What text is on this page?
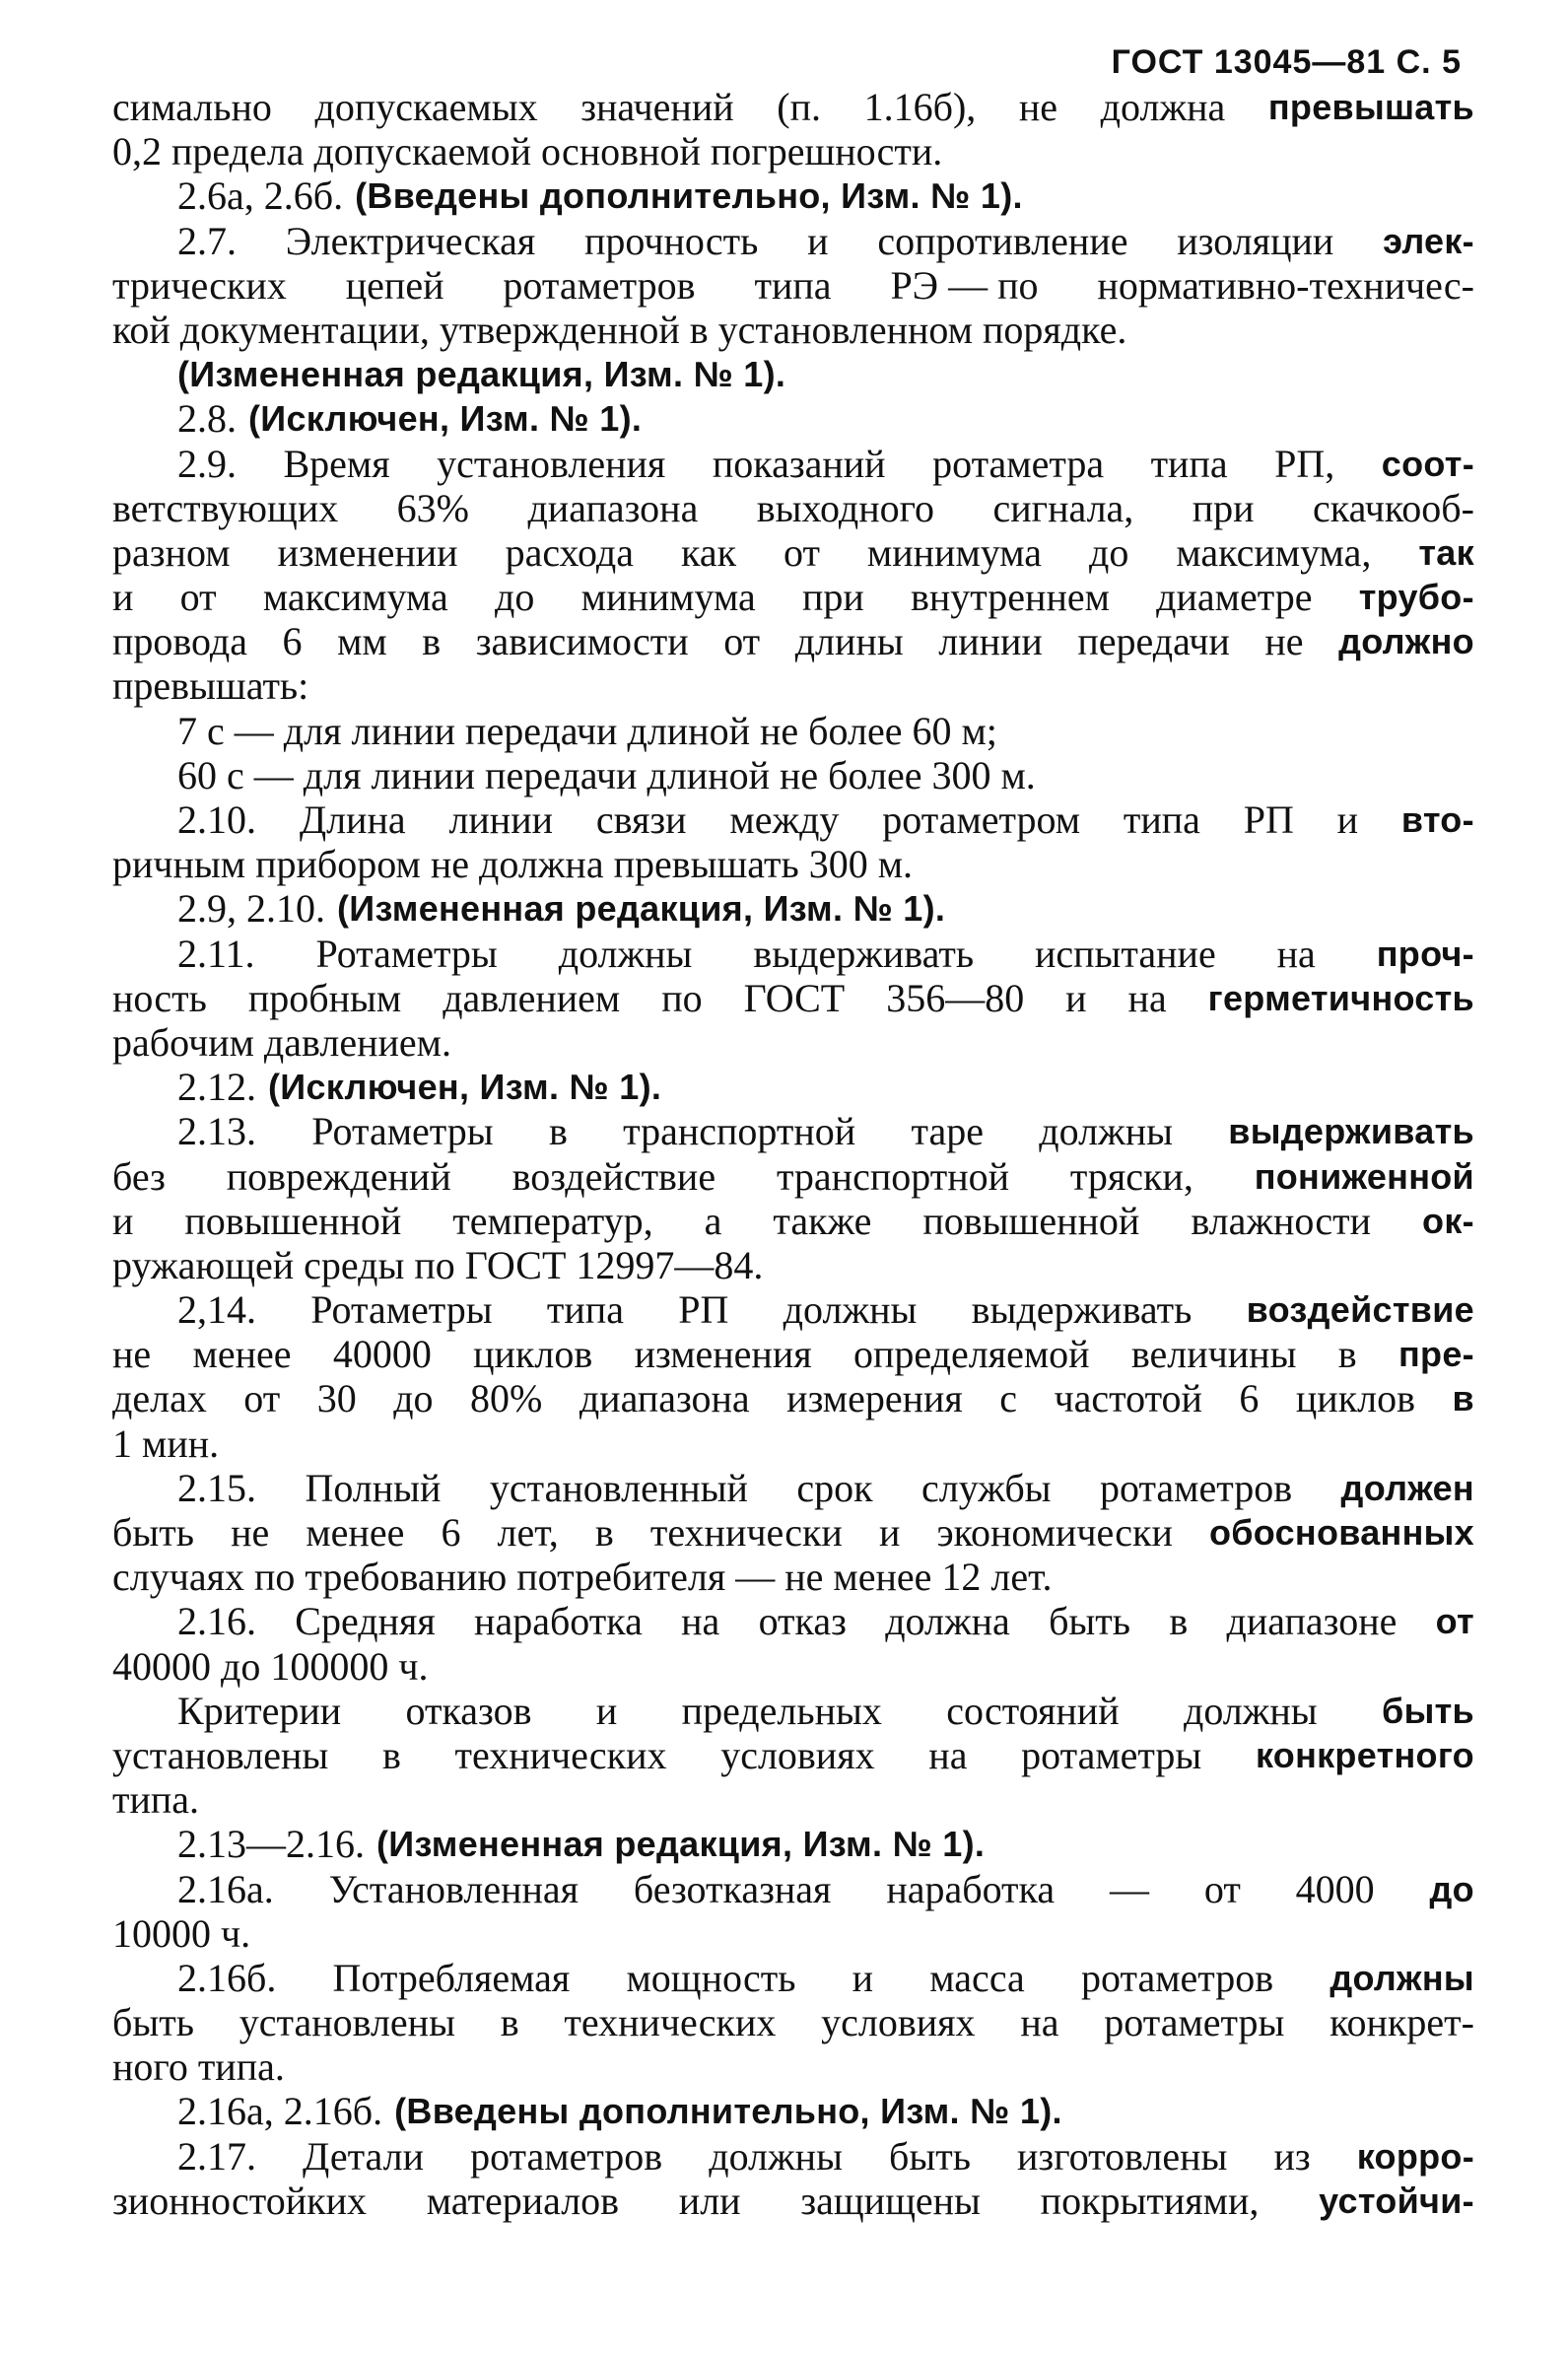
ГОСТ 13045—81 С. 5
симально допускаемых значений (п. 1.16б), не должна превышать
0,2 предела допускаемой основной погрешности.
2.6а, 2.6б. (Введены дополнительно, Изм. № 1).
2.7. Электрическая прочность и сопротивление изоляции элек-
трических цепей ротаметров типа РЭ — по нормативно-техничес-
кой документации, утвержденной в установленном порядке.
(Измененная редакция, Изм. № 1).
2.8. (Исключен, Изм. № 1).
2.9. Время установления показаний ротаметра типа РП, соот-
ветствующих 63% диапазона выходного сигнала, при скачкооб-
разном изменении расхода как от минимума до максимума, так
и от максимума до минимума при внутреннем диаметре трубо-
провода 6 мм в зависимости от длины линии передачи не должно
превышать:
7 с — для линии передачи длиной не более 60 м;
60 с — для линии передачи длиной не более 300 м.
2.10. Длина линии связи между ротаметром типа РП и вто-
ричным прибором не должна превышать 300 м.
2.9, 2.10. (Измененная редакция, Изм. № 1).
2.11. Ротаметры должны выдерживать испытание на проч-
ность пробным давлением по ГОСТ 356—80 и на герметичность
рабочим давлением.
2.12. (Исключен, Изм. № 1).
2.13. Ротаметры в транспортной таре должны выдерживать
без повреждений воздействие транспортной тряски, пониженной
и повышенной температур, а также повышенной влажности ок-
ружающей среды по ГОСТ 12997—84.
2,14. Ротаметры типа РП должны выдерживать воздействие
не менее 40000 циклов изменения определяемой величины в пре-
делах от 30 до 80% диапазона измерения с частотой 6 циклов в
1 мин.
2.15. Полный установленный срок службы ротаметров должен
быть не менее 6 лет, в технически и экономически обоснованных
случаях по требованию потребителя — не менее 12 лет.
2.16. Средняя наработка на отказ должна быть в диапазоне от
40000 до 100000 ч.
Критерии отказов и предельных состояний должны быть
установлены в технических условиях на ротаметры конкретного
типа.
2.13—2.16. (Измененная редакция, Изм. № 1).
2.16а. Установленная безотказная наработка — от 4000 до
10000 ч.
2.16б. Потребляемая мощность и масса ротаметров должны
быть установлены в технических условиях на ротаметры конкрет-
ного типа.
2.16а, 2.16б. (Введены дополнительно, Изм. № 1).
2.17. Детали ротаметров должны быть изготовлены из корро-
зионностойких материалов или защищены покрытиями, устойчи-
